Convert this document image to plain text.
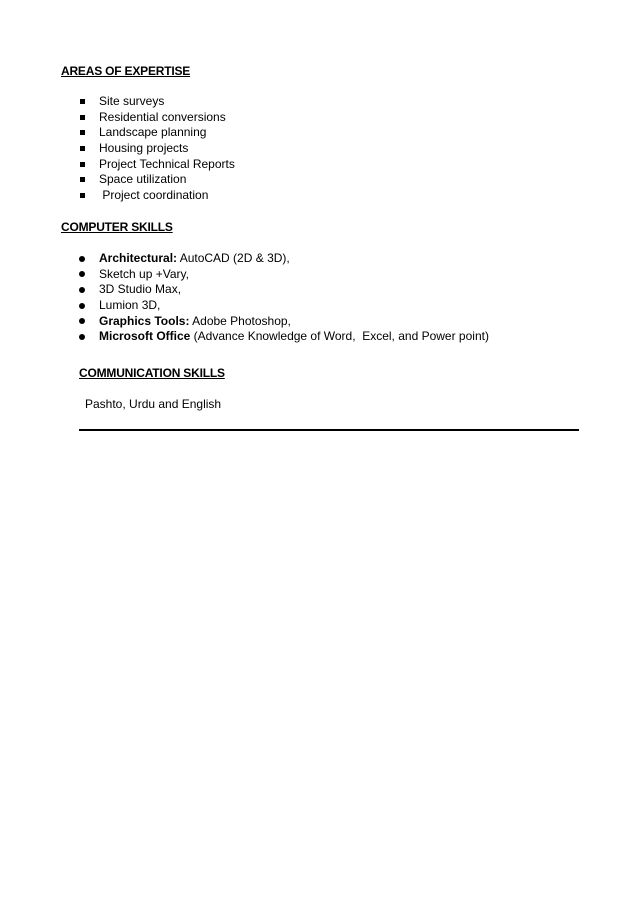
AREAS OF EXPERTISE
Site surveys
Residential conversions
Landscape planning
Housing projects
Project Technical Reports
Space utilization
Project coordination
COMPUTER SKILLS
Architectural: AutoCAD (2D & 3D),
Sketch up +Vary,
3D Studio Max,
Lumion 3D,
Graphics Tools: Adobe Photoshop,
Microsoft Office (Advance Knowledge of Word,  Excel, and Power point)
COMMUNICATION SKILLS
Pashto, Urdu and English
